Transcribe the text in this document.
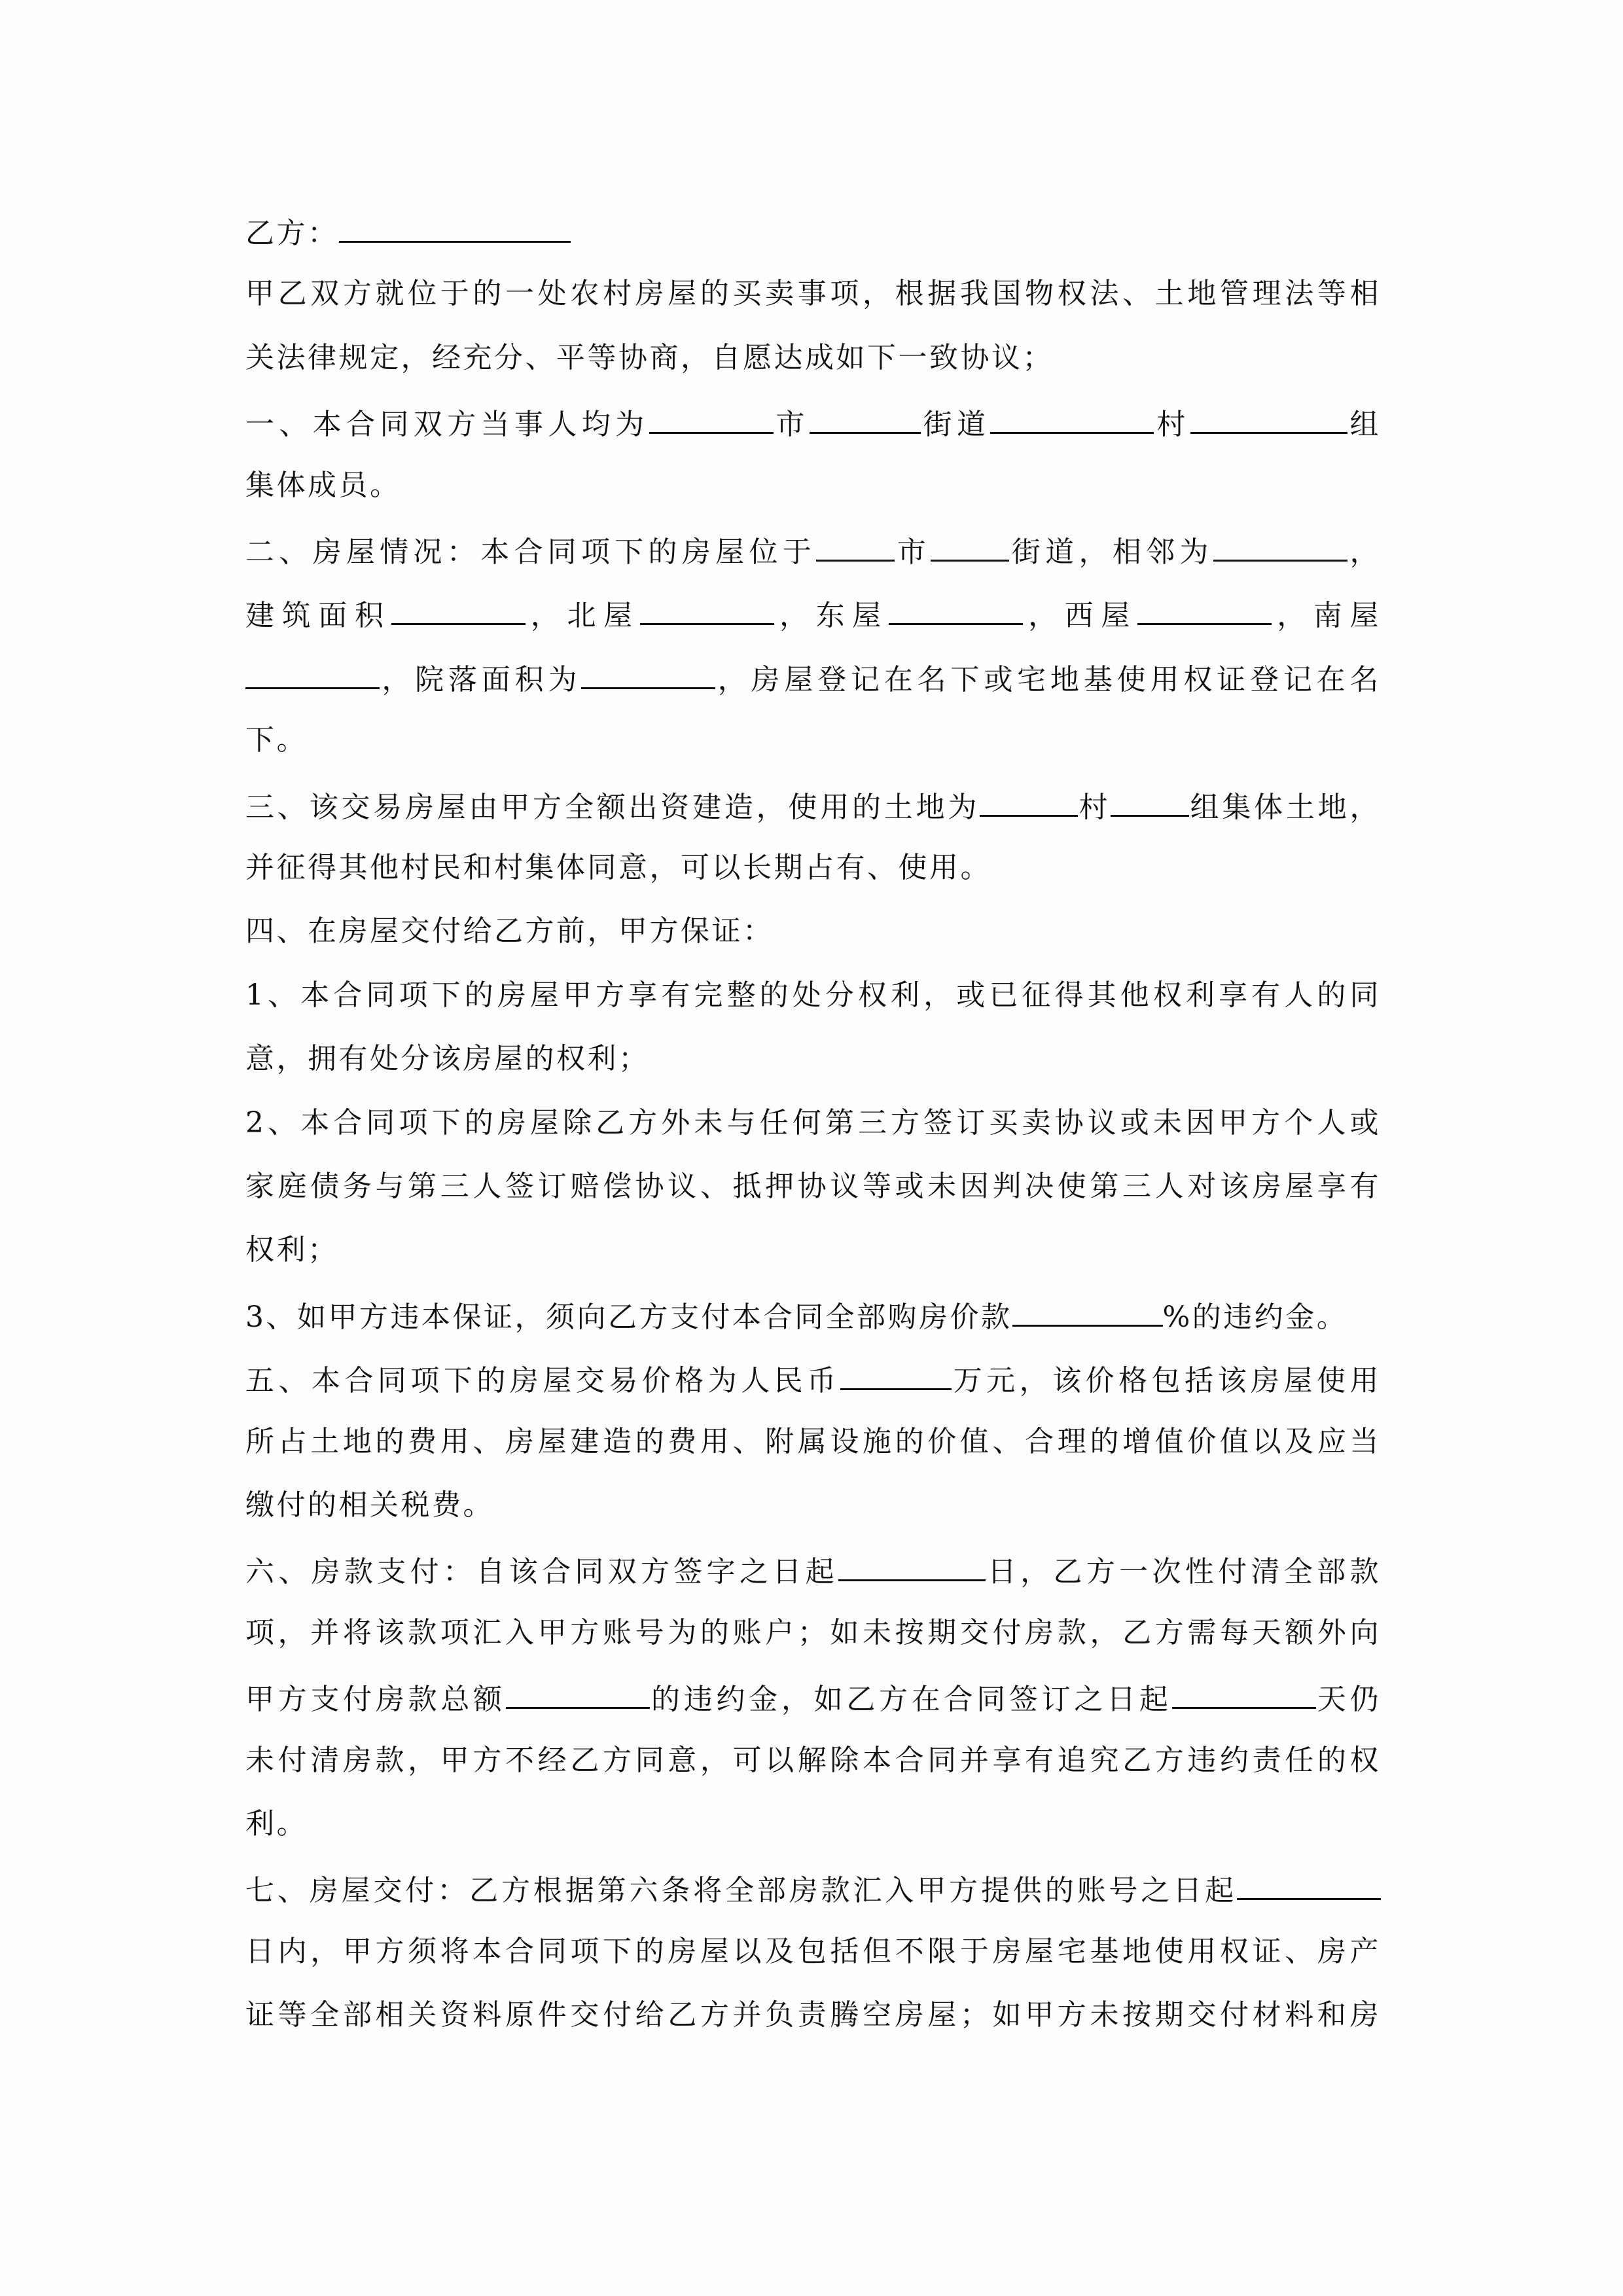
乙方：
甲乙双方就位于的一处农村房屋的买卖事项，根据我国物权法、土地管理法等相
关法律规定，经充分、平等协商，自愿达成如下一致协议；
一、本合同双方当事人均为	市	街道	村	组
集体成员。
二、房屋情况：本合同项下的房屋位于	市	街道，相邻为	，
建筑面积	，北屋	，东屋	，西屋	，南屋
，院落面积为	，房屋登记在名下或宅地基使用权证登记在名
下。
三、该交易房屋由甲方全额出资建造，使用的土地为	村	组集体土地，
并征得其他村民和村集体同意，可以长期占有、使用。
四、在房屋交付给乙方前，甲方保证：
1、本合同项下的房屋甲方享有完整的处分权利，或已征得其他权利享有人的同
意，拥有处分该房屋的权利；
2、本合同项下的房屋除乙方外未与任何第三方签订买卖协议或未因甲方个人或
家庭债务与第三人签订赔偿协议、抵押协议等或未因判决使第三人对该房屋享有
权利；
3、如甲方违本保证，须向乙方支付本合同全部购房价款	%的违约金。
五、本合同项下的房屋交易价格为人民币	万元，该价格包括该房屋使用
所占土地的费用、房屋建造的费用、附属设施的价值、合理的增值价值以及应当
缴付的相关税费。
六、房款支付：自该合同双方签字之日起	日，乙方一次性付清全部款
项，并将该款项汇入甲方账号为的账户；如未按期交付房款，乙方需每天额外向
甲方支付房款总额	的违约金，如乙方在合同签订之日起	天仍
未付清房款，甲方不经乙方同意，可以解除本合同并享有追究乙方违约责任的权
利。
七、房屋交付：乙方根据第六条将全部房款汇入甲方提供的账号之日起
日内，甲方须将本合同项下的房屋以及包括但不限于房屋宅基地使用权证、房产
证等全部相关资料原件交付给乙方并负责腾空房屋；如甲方未按期交付材料和房
